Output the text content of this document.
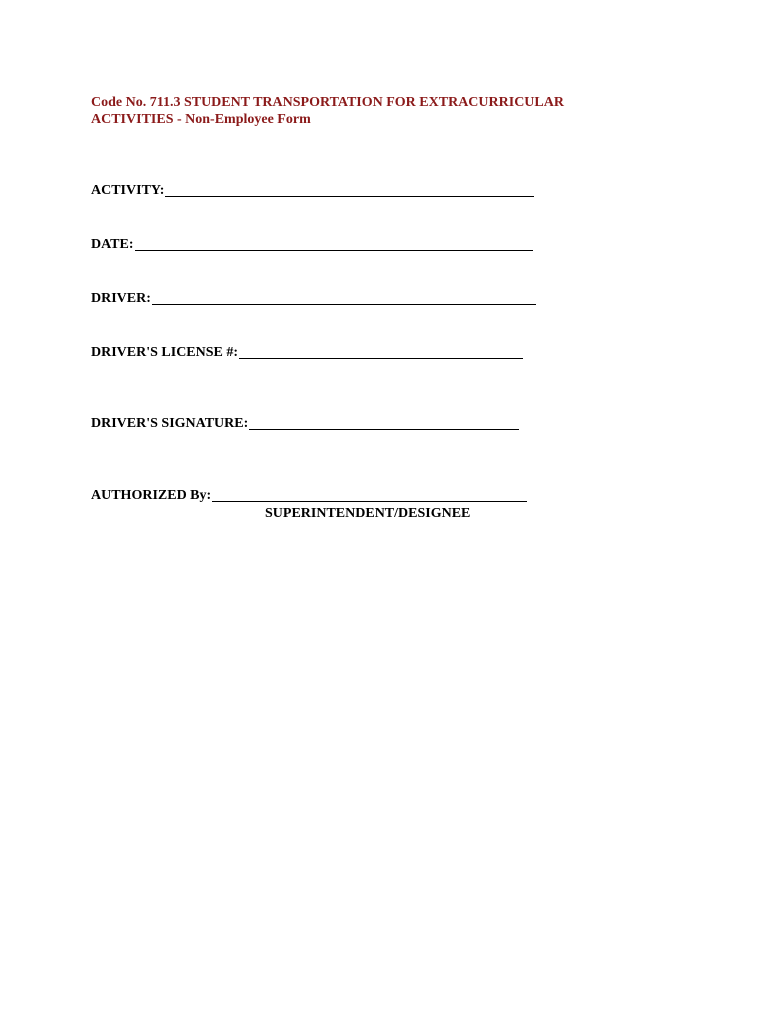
Code No. 711.3 STUDENT TRANSPORTATION FOR EXTRACURRICULAR
ACTIVITIES - Non-Employee Form
ACTIVITY:
DATE:
DRIVER:
DRIVER'S LICENSE #:
DRIVER'S SIGNATURE:
AUTHORIZED By:
SUPERINTENDENT/DESIGNEE
